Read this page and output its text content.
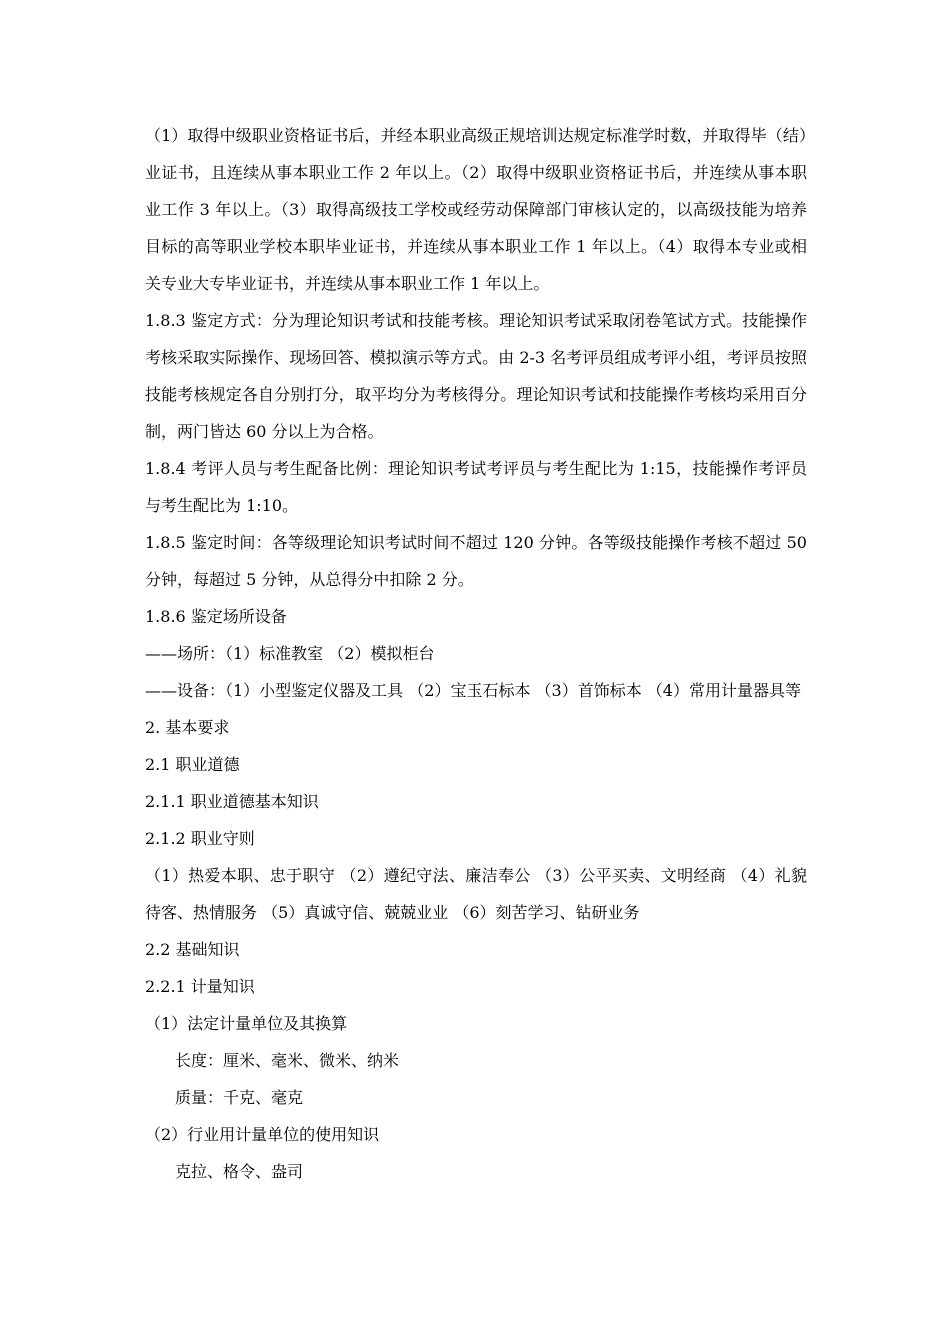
（1）取得中级职业资格证书后，并经本职业高级正规培训达规定标准学时数，并取得毕（结）业证书，且连续从事本职业工作 2 年以上。（2）取得中级职业资格证书后，并连续从事本职业工作 3 年以上。（3）取得高级技工学校或经劳动保障部门审核认定的，以高级技能为培养目标的高等职业学校本职毕业证书，并连续从事本职业工作 1 年以上。（4）取得本专业或相关专业大专毕业证书，并连续从事本职业工作 1 年以上。

1.8.3 鉴定方式：分为理论知识考试和技能考核。理论知识考试采取闭卷笔试方式。技能操作考核采取实际操作、现场回答、模拟演示等方式。由 2-3 名考评员组成考评小组，考评员按照技能考核规定各自分别打分，取平均分为考核得分。理论知识考试和技能操作考核均采用百分制，两门皆达 60 分以上为合格。

1.8.4 考评人员与考生配备比例：理论知识考试考评员与考生配比为 1:15，技能操作考评员与考生配比为 1:10。

1.8.5 鉴定时间：各等级理论知识考试时间不超过 120 分钟。各等级技能操作考核不超过 50 分钟，每超过 5 分钟，从总得分中扣除 2 分。

1.8.6 鉴定场所设备

——场所：（1）标准教室 （2）模拟柜台

——设备：（1）小型鉴定仪器及工具 （2）宝玉石标本 （3）首饰标本 （4）常用计量器具等

2. 基本要求

2.1 职业道德

2.1.1 职业道德基本知识

2.1.2 职业守则

（1）热爱本职、忠于职守 （2）遵纪守法、廉洁奉公 （3）公平买卖、文明经商 （4）礼貌待客、热情服务 （5）真诚守信、兢兢业业 （6）刻苦学习、钻研业务

2.2 基础知识

2.2.1 计量知识

（1）法定计量单位及其换算

长度：厘米、毫米、微米、纳米

质量：千克、毫克

（2）行业用计量单位的使用知识

克拉、格令、盎司
